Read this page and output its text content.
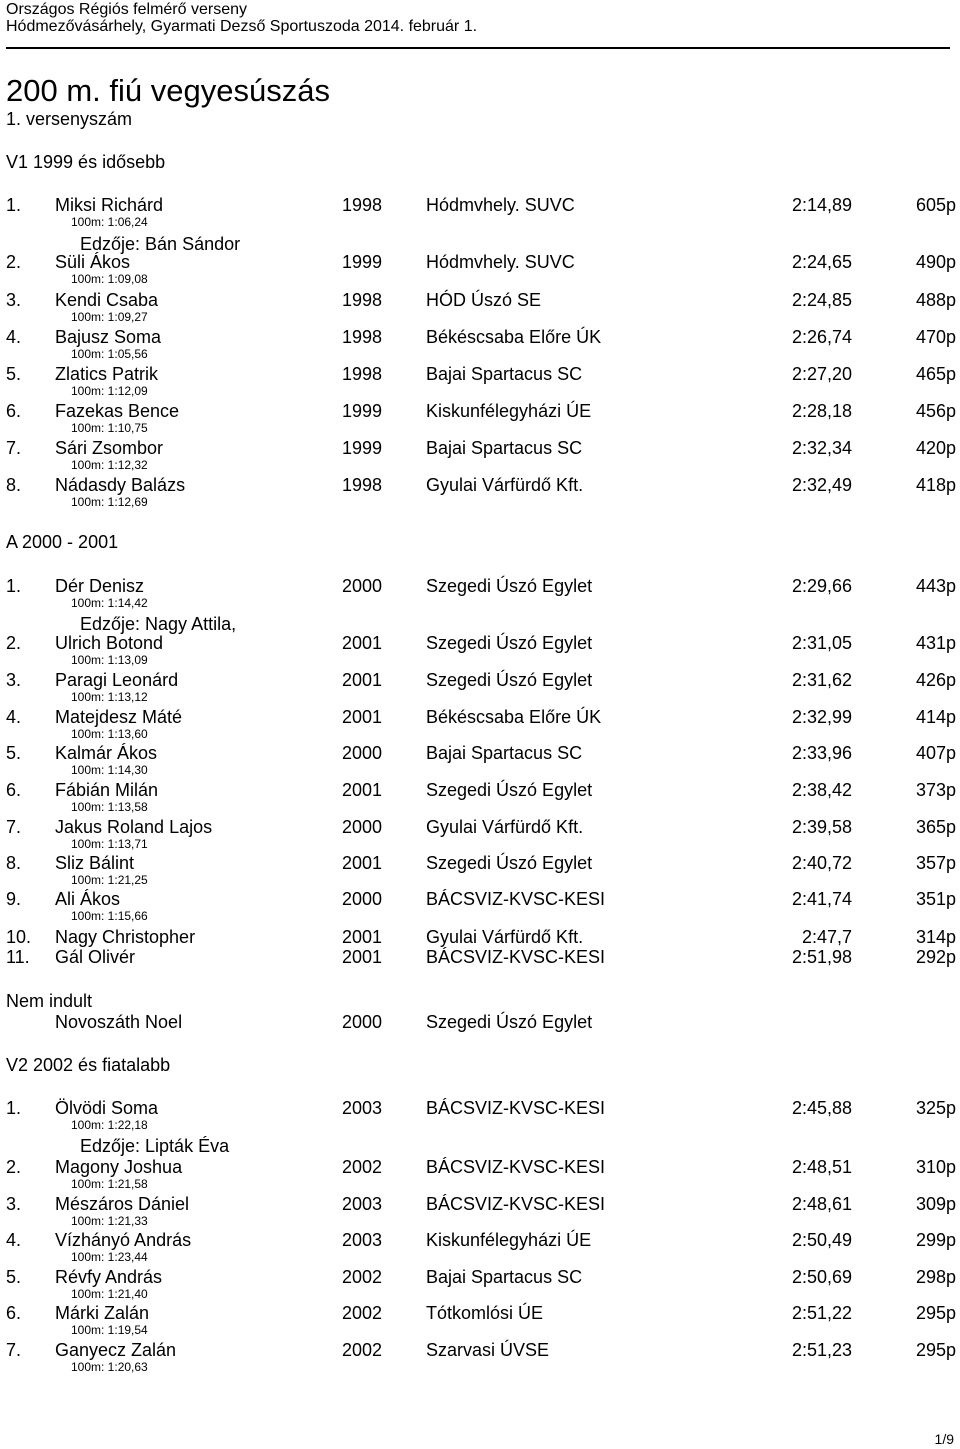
Országos Régiós felmérő verseny
Hódmezővásárhely, Gyarmati Dezső Sportuszoda 2014. február 1.
200 m. fiú vegyesúszás
1. versenyszám
V1 1999 és idősebb
1. Miksi Richárd	1998 Hódmvhely. SUVC	2:14,89	605p
100m: 1:06,24
Edzője: Bán Sándor
2. Süli Ákos	1999 Hódmvhely. SUVC	2:24,65	490p
100m: 1:09,08
3. Kendi Csaba	1998 HÓD Úszó SE	2:24,85	488p
100m: 1:09,27
4. Bajusz Soma	1998 Békéscsaba Előre ÚK	2:26,74	470p
100m: 1:05,56
5. Zlatics Patrik	1998 Bajai Spartacus SC	2:27,20	465p
100m: 1:12,09
6. Fazekas Bence	1999 Kiskunfélegyházi ÚE	2:28,18	456p
100m: 1:10,75
7. Sári Zsombor	1999 Bajai Spartacus SC	2:32,34	420p
100m: 1:12,32
8. Nádasdy Balázs	1998 Gyulai Várfürdő Kft.	2:32,49	418p
100m: 1:12,69
A 2000 - 2001
1. Dér Denisz	2000 Szegedi Úszó Egylet	2:29,66	443p
100m: 1:14,42
Edzője: Nagy Attila,
2. Ulrich Botond	2001 Szegedi Úszó Egylet	2:31,05	431p
100m: 1:13,09
3. Paragi Leonárd	2001 Szegedi Úszó Egylet	2:31,62	426p
100m: 1:13,12
4. Matejdesz Máté	2001 Békéscsaba Előre ÚK	2:32,99	414p
100m: 1:13,60
5. Kalmár Ákos	2000 Bajai Spartacus SC	2:33,96	407p
100m: 1:14,30
6. Fábián Milán	2001 Szegedi Úszó Egylet	2:38,42	373p
100m: 1:13,58
7. Jakus Roland Lajos	2000 Gyulai Várfürdő Kft.	2:39,58	365p
100m: 1:13,71
8. Sliz Bálint	2001 Szegedi Úszó Egylet	2:40,72	357p
100m: 1:21,25
9. Ali Ákos	2000 BÁCSVIZ-KVSC-KESI	2:41,74	351p
100m: 1:15,66
10. Nagy Christopher	2001 Gyulai Várfürdő Kft.	2:47,7	314p
11. Gál Olivér	2001 BÁCSVIZ-KVSC-KESI	2:51,98	292p
Nem indult
Novoszáth Noel	2000 Szegedi Úszó Egylet
V2 2002 és fiatalabb
1. Ölvödi Soma	2003 BÁCSVIZ-KVSC-KESI	2:45,88	325p
100m: 1:22,18
Edzője: Lipták Éva
2. Magony Joshua	2002 BÁCSVIZ-KVSC-KESI	2:48,51	310p
100m: 1:21,58
3. Mészáros Dániel	2003 BÁCSVIZ-KVSC-KESI	2:48,61	309p
100m: 1:21,33
4. Vízhányó András	2003 Kiskunfélegyházi ÚE	2:50,49	299p
100m: 1:23,44
5. Révfy András	2002 Bajai Spartacus SC	2:50,69	298p
100m: 1:21,40
6. Márki Zalán	2002 Tótkomlósi ÚE	2:51,22	295p
100m: 1:19,54
7. Ganyecz Zalán	2002 Szarvasi ÚVSE	2:51,23	295p
100m: 1:20,63
1/9
